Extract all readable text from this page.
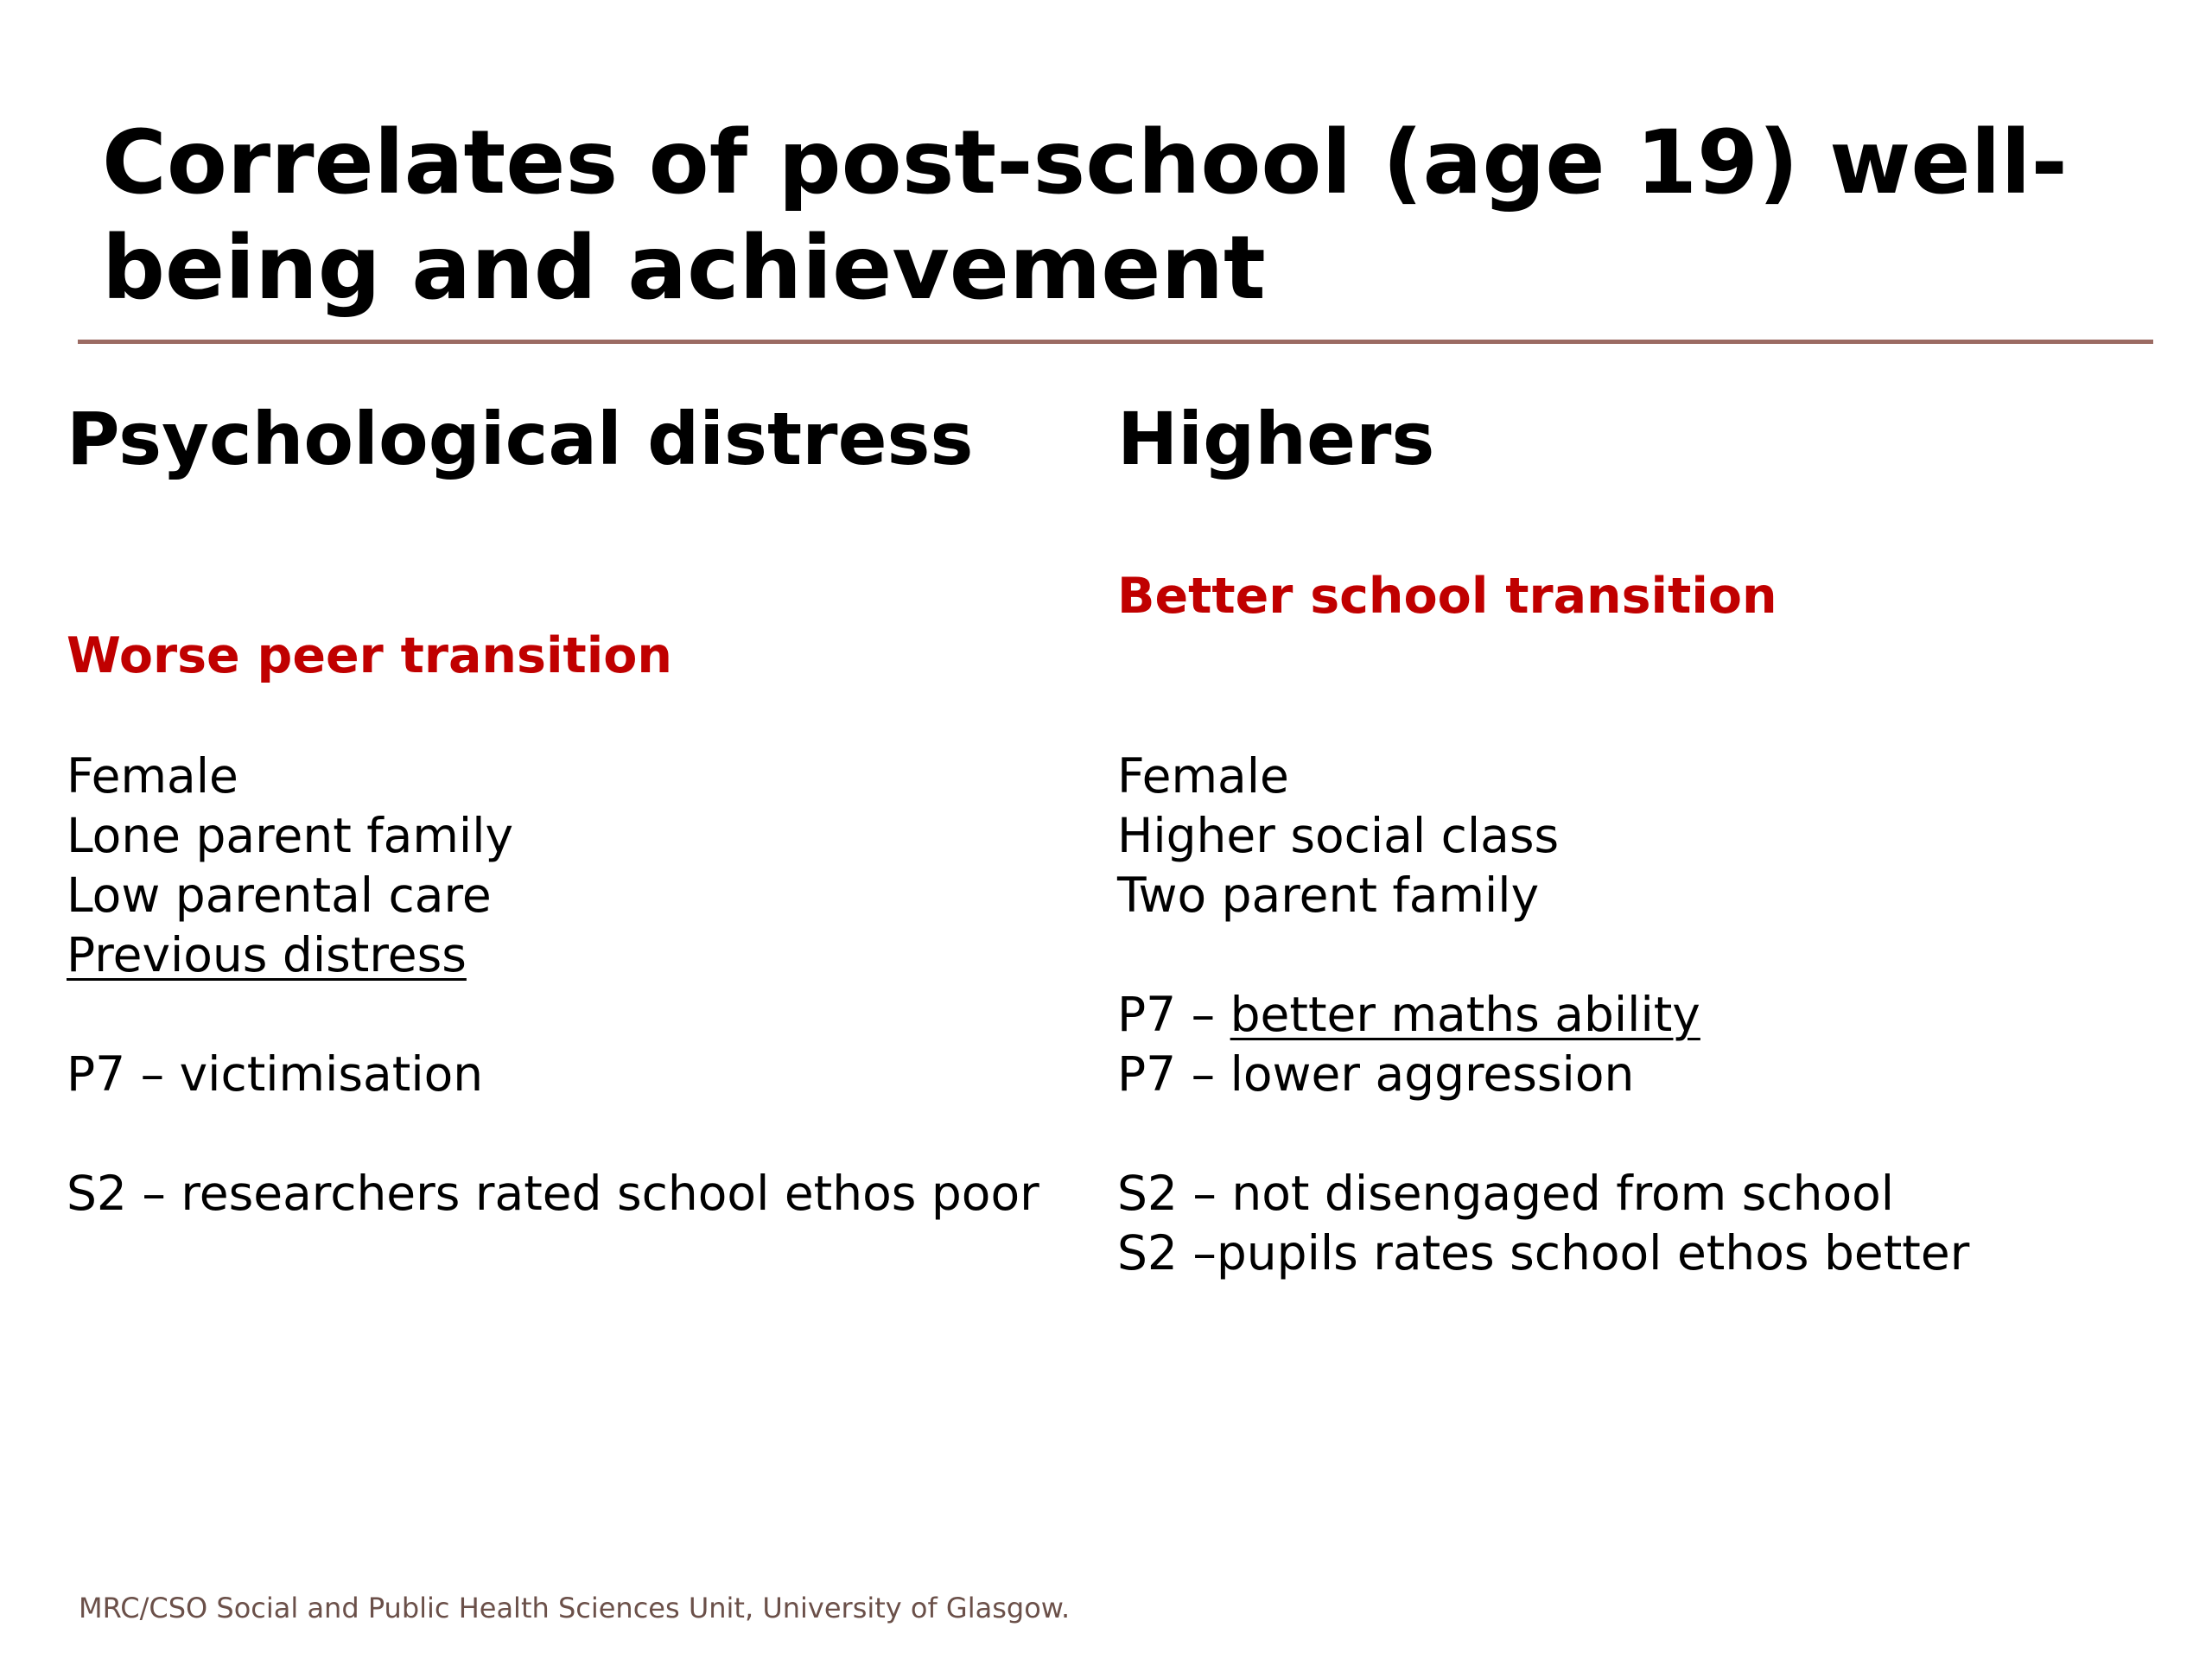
Correlates of post-school (age 19) well-being and achievement
Psychological distress
Worse peer transition
Female
Lone parent family
Low parental care
Previous distress
P7 – victimisation
S2 – researchers rated school ethos poor
Highers
Better school transition
Female
Higher social class
Two parent family
P7 – better maths ability
P7 – lower aggression
S2 – not disengaged from school
S2 –pupils rates school ethos better

MRC/CSO Social and Public Health Sciences Unit, University of Glasgow.
